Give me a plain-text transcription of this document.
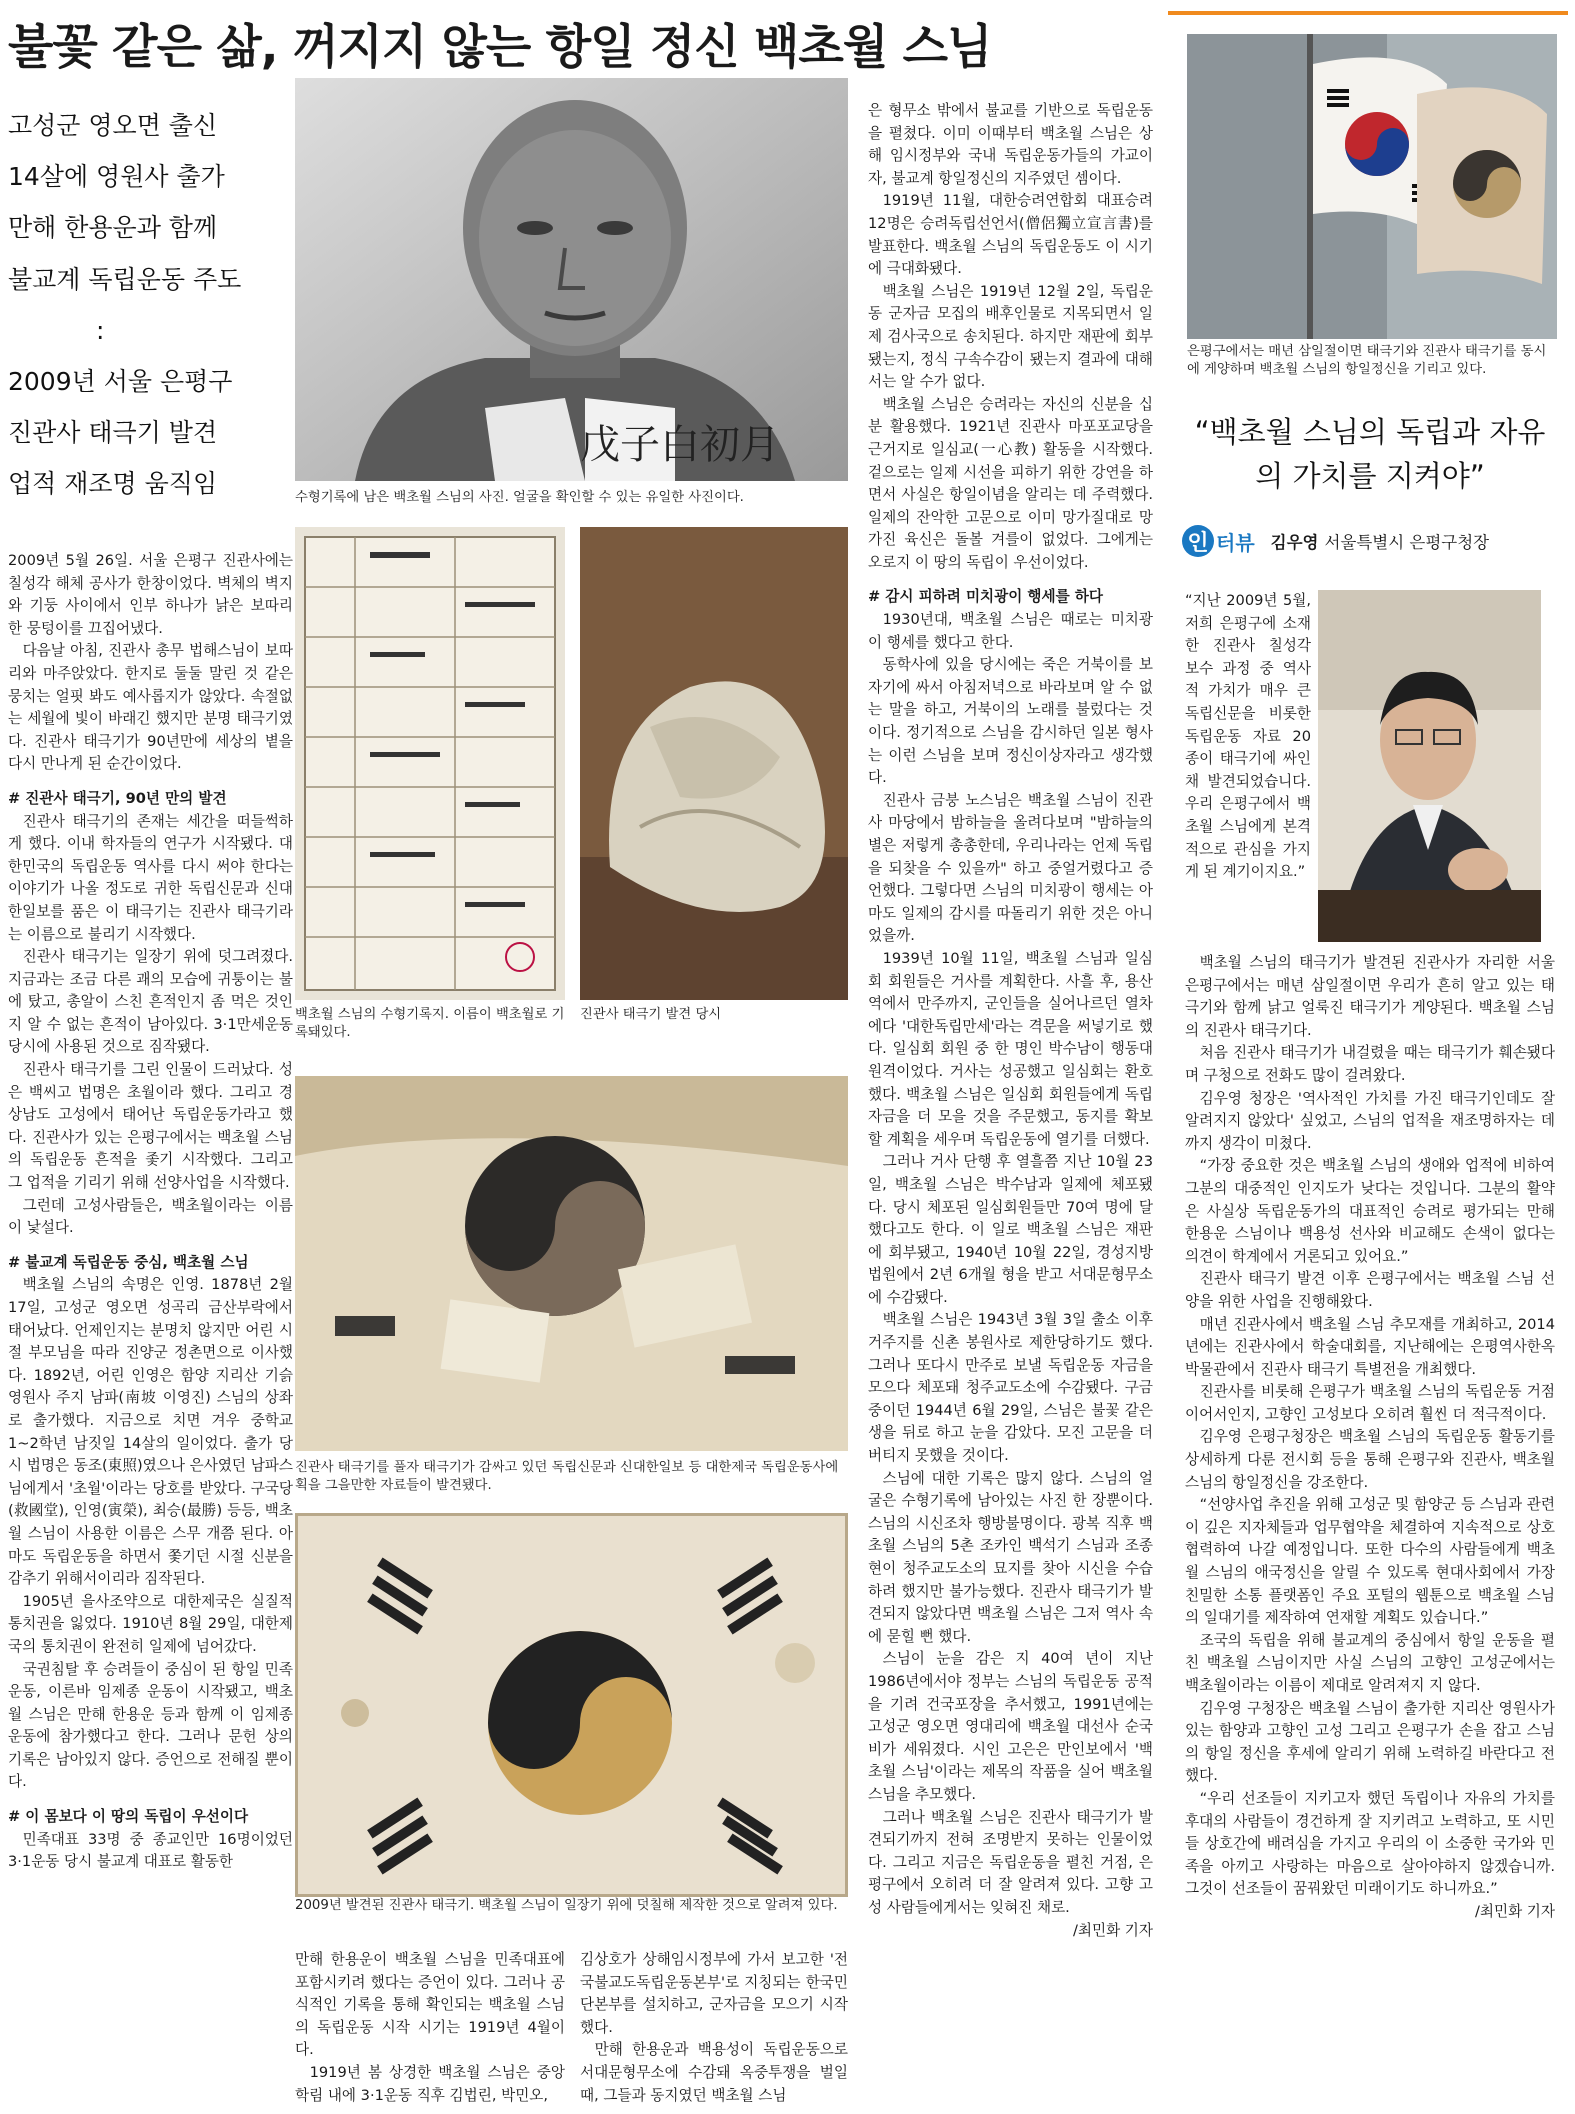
불꽃 같은 삶, 꺼지지 않는 항일 정신 백초월 스님
고성군 영오면 출신
14살에 영원사 출가
만해 한용운과 함께
불교계 독립운동 주도
:
2009년 서울 은평구
진관사 태극기 발견
업적 재조명 움직임

2009년 5월 26일. 서울 은평구 진관사에는 칠성각 해체 공사가 한창이었다. 벽체의 벽지와 기둥 사이에서 인부 하나가 낡은 보따리 한 뭉텅이를 끄집어냈다.

다음날 아침, 진관사 총무 법해스님이 보따리와 마주앉았다. 한지로 둘둘 말린 것 같은 뭉치는 얼핏 봐도 예사롭지가 않았다. 속절없는 세월에 빛이 바래긴 했지만 분명 태극기였다. 진관사 태극기가 90년만에 세상의 볕을 다시 만나게 된 순간이었다.

# 진관사 태극기, 90년 만의 발견

진관사 태극기의 존재는 세간을 떠들썩하게 했다. 이내 학자들의 연구가 시작됐다. 대한민국의 독립운동 역사를 다시 써야 한다는 이야기가 나올 정도로 귀한 독립신문과 신대한일보를 품은 이 태극기는 진관사 태극기라는 이름으로 불리기 시작했다.

진관사 태극기는 일장기 위에 덧그려졌다. 지금과는 조금 다른 괘의 모습에 귀퉁이는 불에 탔고, 총알이 스친 흔적인지 좀 먹은 것인지 알 수 없는 흔적이 남아있다. 3·1만세운동 당시에 사용된 것으로 짐작됐다.

진관사 태극기를 그린 인물이 드러났다. 성은 백씨고 법명은 초월이라 했다. 그리고 경상남도 고성에서 태어난 독립운동가라고 했다. 진관사가 있는 은평구에서는 백초월 스님의 독립운동 흔적을 좇기 시작했다. 그리고 그 업적을 기리기 위해 선양사업을 시작했다.

그런데 고성사람들은, 백초월이라는 이름이 낯설다.

# 불교계 독립운동 중심, 백초월 스님

백초월 스님의 속명은 인영. 1878년 2월 17일, 고성군 영오면 성곡리 금산부락에서 태어났다. 언제인지는 분명치 않지만 어린 시절 부모님을 따라 진양군 정촌면으로 이사했다. 1892년, 어린 인영은 함양 지리산 기슭 영원사 주지 남파(南坡 이영진) 스님의 상좌로 출가했다. 지금으로 치면 겨우 중학교 1~2학년 남짓일 14살의 일이었다. 출가 당시 법명은 동조(東照)였으나 은사였던 남파스님에게서 '초월'이라는 당호를 받았다. 구국당(救國堂), 인영(寅榮), 최승(最勝) 등등, 백초월 스님이 사용한 이름은 스무 개쯤 된다. 아마도 독립운동을 하면서 쫓기던 시절 신분을 감추기 위해서이리라 짐작된다.

1905년 을사조약으로 대한제국은 실질적 통치권을 잃었다. 1910년 8월 29일, 대한제국의 통치권이 완전히 일제에 넘어갔다.

국권침탈 후 승려들이 중심이 된 항일 민족운동, 이른바 임제종 운동이 시작됐고, 백초월 스님은 만해 한용운 등과 함께 이 임제종 운동에 참가했다고 한다. 그러나 문헌 상의 기록은 남아있지 않다. 증언으로 전해질 뿐이다.

# 이 몸보다 이 땅의 독립이 우선이다

민족대표 33명 중 종교인만 16명이었던 3·1운동 당시 불교계 대표로 활동한

戊子白初月
수형기록에 남은 백초월 스님의 사진. 얼굴을 확인할 수 있는 유일한 사진이다.
백초월 스님의 수형기록지. 이름이 백초월로 기록돼있다.
진관사 태극기 발견 당시
진관사 태극기를 풀자 태극기가 감싸고 있던 독립신문과 신대한일보 등 대한제국 독립운동사에 획을 그을만한 자료들이 발견됐다.
2009년 발견된 진관사 태극기. 백초월 스님이 일장기 위에 덧칠해 제작한 것으로 알려져 있다.

만해 한용운이 백초월 스님을 민족대표에 포함시키려 했다는 증언이 있다. 그러나 공식적인 기록을 통해 확인되는 백초월 스님의 독립운동 시작 시기는 1919년 4월이다.

1919년 봄 상경한 백초월 스님은 중앙학림 내에 3·1운동 직후 김법린, 박민오,

김상호가 상해임시정부에 가서 보고한 '전국불교도독립운동본부'로 지칭되는 한국민단본부를 설치하고, 군자금을 모으기 시작했다.

만해 한용운과 백용성이 독립운동으로 서대문형무소에 수감돼 옥중투쟁을 벌일 때, 그들과 동지였던 백초월 스님

은 형무소 밖에서 불교를 기반으로 독립운동을 펼쳤다. 이미 이때부터 백초월 스님은 상해 임시정부와 국내 독립운동가들의 가교이자, 불교계 항일정신의 지주였던 셈이다.

1919년 11월, 대한승려연합회 대표승려 12명은 승려독립선언서(僧侶獨立宣言書)를 발표한다. 백초월 스님의 독립운동도 이 시기에 극대화됐다.

백초월 스님은 1919년 12월 2일, 독립운동 군자금 모집의 배후인물로 지목되면서 일제 검사국으로 송치된다. 하지만 재판에 회부됐는지, 정식 구속수감이 됐는지 결과에 대해서는 알 수가 없다.

백초월 스님은 승려라는 자신의 신분을 십분 활용했다. 1921년 진관사 마포포교당을 근거지로 일심교(一心教) 활동을 시작했다. 겉으로는 일제 시선을 피하기 위한 강연을 하면서 사실은 항일이념을 알리는 데 주력했다. 일제의 잔악한 고문으로 이미 망가질대로 망가진 육신은 돌볼 겨를이 없었다. 그에게는 오로지 이 땅의 독립이 우선이었다.

# 감시 피하려 미치광이 행세를 하다

1930년대, 백초월 스님은 때로는 미치광이 행세를 했다고 한다.

동학사에 있을 당시에는 죽은 거북이를 보자기에 싸서 아침저녁으로 바라보며 알 수 없는 말을 하고, 거북이의 노래를 불렀다는 것이다. 정기적으로 스님을 감시하던 일본 형사는 이런 스님을 보며 정신이상자라고 생각했다.

진관사 금붕 노스님은 백초월 스님이 진관사 마당에서 밤하늘을 올려다보며 "밤하늘의 별은 저렇게 총총한데, 우리나라는 언제 독립을 되찾을 수 있을까" 하고 중얼거렸다고 증언했다. 그렇다면 스님의 미치광이 행세는 아마도 일제의 감시를 따돌리기 위한 것은 아니었을까.

1939년 10월 11일, 백초월 스님과 일심회 회원들은 거사를 계획한다. 사흘 후, 용산역에서 만주까지, 군인들을 실어나르던 열차에다 '대한독립만세'라는 격문을 써넣기로 했다. 일심회 회원 중 한 명인 박수남이 행동대원격이었다. 거사는 성공했고 일심회는 환호했다. 백초월 스님은 일심회 회원들에게 독립자금을 더 모을 것을 주문했고, 동지를 확보할 계획을 세우며 독립운동에 열기를 더했다.

그러나 거사 단행 후 열흘쯤 지난 10월 23일, 백초월 스님은 박수남과 일제에 체포됐다. 당시 체포된 일심회원들만 70여 명에 달했다고도 한다. 이 일로 백초월 스님은 재판에 회부됐고, 1940년 10월 22일, 경성지방법원에서 2년 6개월 형을 받고 서대문형무소에 수감됐다.

백초월 스님은 1943년 3월 3일 출소 이후 거주지를 신촌 봉원사로 제한당하기도 했다. 그러나 또다시 만주로 보낼 독립운동 자금을 모으다 체포돼 청주교도소에 수감됐다. 구금 중이던 1944년 6월 29일, 스님은 불꽃 같은 생을 뒤로 하고 눈을 감았다. 모진 고문을 더 버티지 못했을 것이다.

스님에 대한 기록은 많지 않다. 스님의 얼굴은 수형기록에 남아있는 사진 한 장뿐이다. 스님의 시신조차 행방불명이다. 광복 직후 백초월 스님의 5촌 조카인 백석기 스님과 조종현이 청주교도소의 묘지를 찾아 시신을 수습하려 했지만 불가능했다. 진관사 태극기가 발견되지 않았다면 백초월 스님은 그저 역사 속에 묻힐 뻔 했다.

스님이 눈을 감은 지 40여 년이 지난 1986년에서야 정부는 스님의 독립운동 공적을 기려 건국포장을 추서했고, 1991년에는 고성군 영오면 영대리에 백초월 대선사 순국비가 세워졌다. 시인 고은은 만인보에서 '백초월 스님'이라는 제목의 작품을 실어 백초월 스님을 추모했다.

그러나 백초월 스님은 진관사 태극기가 발견되기까지 전혀 조명받지 못하는 인물이었다. 그리고 지금은 독립운동을 펼친 거점, 은평구에서 오히려 더 잘 알려져 있다. 고향 고성 사람들에게서는 잊혀진 채로.

/최민화 기자

은평구에서는 매년 삼일절이면 태극기와 진관사 태극기를 동시에 게양하며 백초월 스님의 항일정신을 기리고 있다.
“백초월 스님의 독립과 자유의 가치를 지켜야”
인 터뷰 김우영 서울특별시 은평구청장

“지난 2009년 5월, 저희 은평구에 소재한 진관사 칠성각 보수 과정 중 역사적 가치가 매우 큰 독립신문을 비롯한 독립운동 자료 20종이 태극기에 싸인 채 발견되었습니다. 우리 은평구에서 백초월 스님에게 본격적으로 관심을 가지게 된 계기이지요.”

백초월 스님의 태극기가 발견된 진관사가 자리한 서울 은평구에서는 매년 삼일절이면 우리가 흔히 알고 있는 태극기와 함께 낡고 얼룩진 태극기가 게양된다. 백초월 스님의 진관사 태극기다.

처음 진관사 태극기가 내걸렸을 때는 태극기가 훼손됐다며 구청으로 전화도 많이 걸려왔다.

김우영 청장은 '역사적인 가치를 가진 태극기인데도 잘 알려지지 않았다' 싶었고, 스님의 업적을 재조명하자는 데까지 생각이 미쳤다.

“가장 중요한 것은 백초월 스님의 생애와 업적에 비하여 그분의 대중적인 인지도가 낮다는 것입니다. 그분의 활약은 사실상 독립운동가의 대표적인 승려로 평가되는 만해 한용운 스님이나 백용성 선사와 비교해도 손색이 없다는 의견이 학계에서 거론되고 있어요.”

진관사 태극기 발견 이후 은평구에서는 백초월 스님 선양을 위한 사업을 진행해왔다.

매년 진관사에서 백초월 스님 추모재를 개최하고, 2014년에는 진관사에서 학술대회를, 지난해에는 은평역사한옥박물관에서 진관사 태극기 특별전을 개최했다.

진관사를 비롯해 은평구가 백초월 스님의 독립운동 거점이어서인지, 고향인 고성보다 오히려 훨씬 더 적극적이다.

김우영 은평구청장은 백초월 스님의 독립운동 활동기를 상세하게 다룬 전시회 등을 통해 은평구와 진관사, 백초월 스님의 항일정신을 강조한다.

“선양사업 추진을 위해 고성군 및 함양군 등 스님과 관련이 깊은 지자체들과 업무협약을 체결하여 지속적으로 상호 협력하여 나갈 예정입니다. 또한 다수의 사람들에게 백초월 스님의 애국정신을 알릴 수 있도록 현대사회에서 가장 친밀한 소통 플랫폼인 주요 포털의 웹툰으로 백초월 스님의 일대기를 제작하여 연재할 계획도 있습니다.”

조국의 독립을 위해 불교계의 중심에서 항일 운동을 펼친 백초월 스님이지만 사실 스님의 고향인 고성군에서는 백초월이라는 이름이 제대로 알려져지 지 않다.

김우영 구청장은 백초월 스님이 출가한 지리산 영원사가 있는 함양과 고향인 고성 그리고 은평구가 손을 잡고 스님의 항일 정신을 후세에 알리기 위해 노력하길 바란다고 전했다.

“우리 선조들이 지키고자 했던 독립이나 자유의 가치를 후대의 사람들이 경건하게 잘 지키려고 노력하고, 또 시민들 상호간에 배려심을 가지고 우리의 이 소중한 국가와 민족을 아끼고 사랑하는 마음으로 살아야하지 않겠습니까. 그것이 선조들이 꿈꿔왔던 미래이기도 하니까요.”

/최민화 기자
